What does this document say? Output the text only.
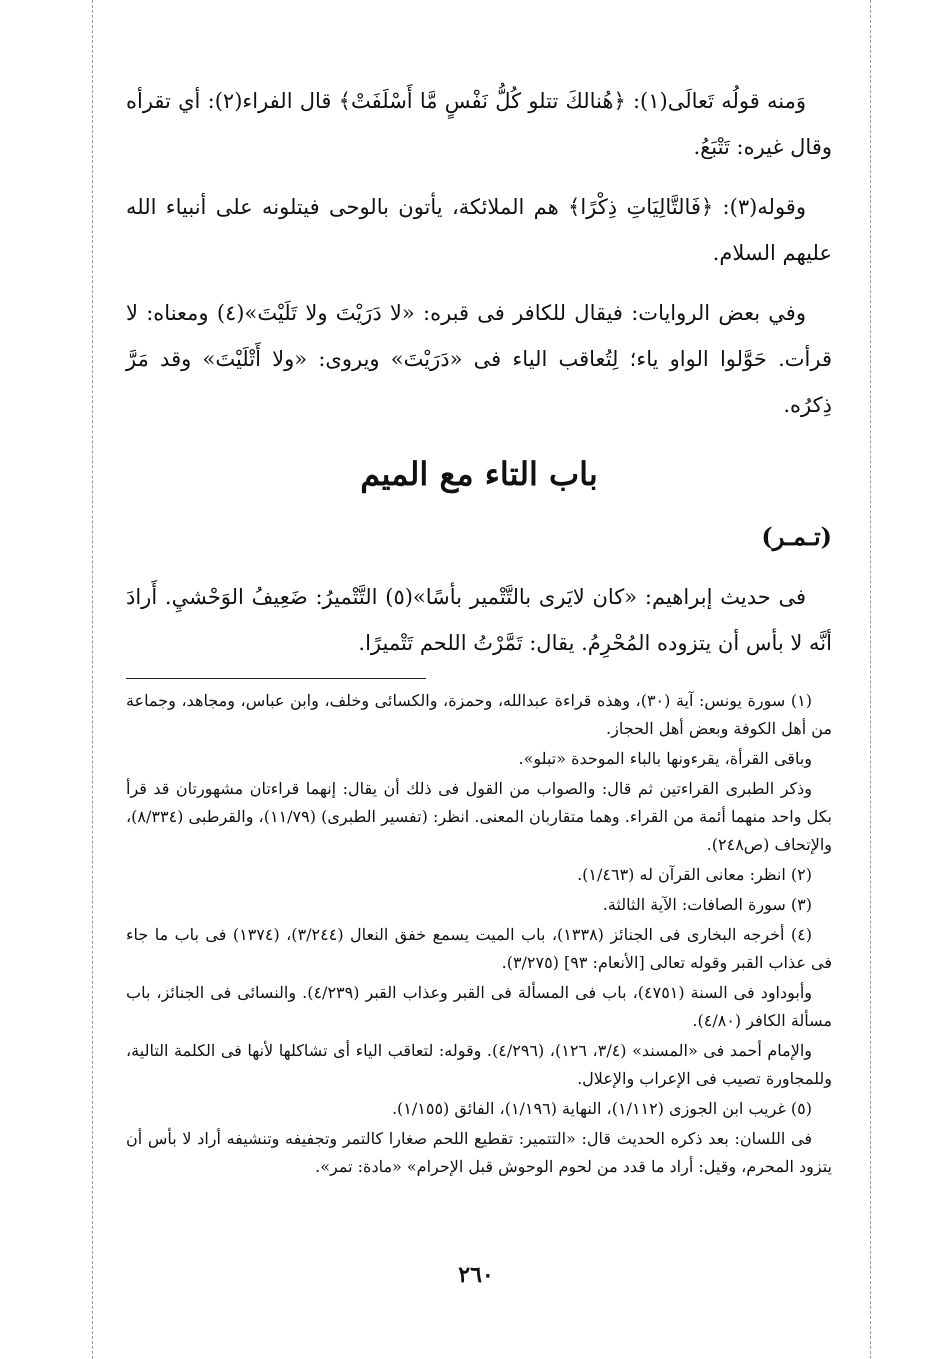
وَمنه قولُه تَعالَى(١): ﴿هُنالكَ تتلو كُلُّ نَفْسٍ مَّا أَسْلَفَتْ﴾ قال الفراء(٢): أي تقرأه وقال غيره: تَتْبَعُ.

وقوله(٣): ﴿فَالتَّالِيَاتِ ذِكْرًا﴾ هم الملائكة، يأتون بالوحى فيتلونه على أنبياء الله عليهم السلام.

وفي بعض الروايات: فيقال للكافر فى قبره: «لا دَرَيْتَ ولا تَلَيْتَ»(٤) ومعناه: لا قرأت. حَوَّلوا الواو ياء؛ لِتُعاقب الياء فى «دَرَيْتَ» ويروى: «ولا أَتْلَيْتَ» وقد مَرَّ ذِكرُه.

باب التاء مع الميم
(تـمـر)

فى حديث إبراهيم: «كان لايَرى بالتَّتْمير بأسًا»(٥) التَّتْميرُ: ضَعِيفُ الوَحْشيِ. أَرادَ أنَّه لا بأس أن يتزوده المُحْرِمُ. يقال: تَمَّرْتُ اللحم تَتْميرًا.

(١) سورة يونس: آية (٣٠)، وهذه قراءة عبدالله، وحمزة، والكسائى وخلف، وابن عباس، ومجاهد، وجماعة من أهل الكوفة وبعض أهل الحجاز.

وباقى القرأة، يقرءونها بالباء الموحدة «تبلو».

وذكر الطبرى القراءتين ثم قال: والصواب من القول فى ذلك أن يقال: إنهما قراءتان مشهورتان قد قرأ بكل واحد منهما أئمة من القراء. وهما متقاربان المعنى. انظر: (تفسير الطبرى) (١١/٧٩)، والقرطبى (٨/٣٣٤)، والإتحاف (ص٢٤٨).

(٢) انظر: معانى القرآن له (١/٤٦٣).

(٣) سورة الصافات: الآية الثالثة.

(٤) أخرجه البخارى فى الجنائز (١٣٣٨)، باب الميت يسمع خفق النعال (٣/٢٤٤)، (١٣٧٤) فى باب ما جاء فى عذاب القبر وقوله تعالى [الأنعام: ٩٣] (٣/٢٧٥).

وأبوداود فى السنة (٤٧٥١)، باب فى المسألة فى القبر وعذاب القبر (٤/٢٣٩). والنسائى فى الجنائز، باب مسألة الكافر (٤/٨٠).

والإمام أحمد فى «المسند» (٣/٤، ١٢٦)، (٤/٢٩٦). وقوله: لتعاقب الياء أى تشاكلها لأنها فى الكلمة التالية، وللمجاورة تصيب فى الإعراب والإعلال.

(٥) غريب ابن الجوزى (١/١١٢)، النهاية (١/١٩٦)، الفائق (١/١٥٥).

فى اللسان: بعد ذكره الحديث قال: «التتمير: تقطيع اللحم صغارا كالتمر وتجفيفه وتنشيفه أراد لا بأس أن يتزود المحرم، وقيل: أراد ما قدد من لحوم الوحوش قبل الإحرام» «مادة: تمر».

٢٦٠
